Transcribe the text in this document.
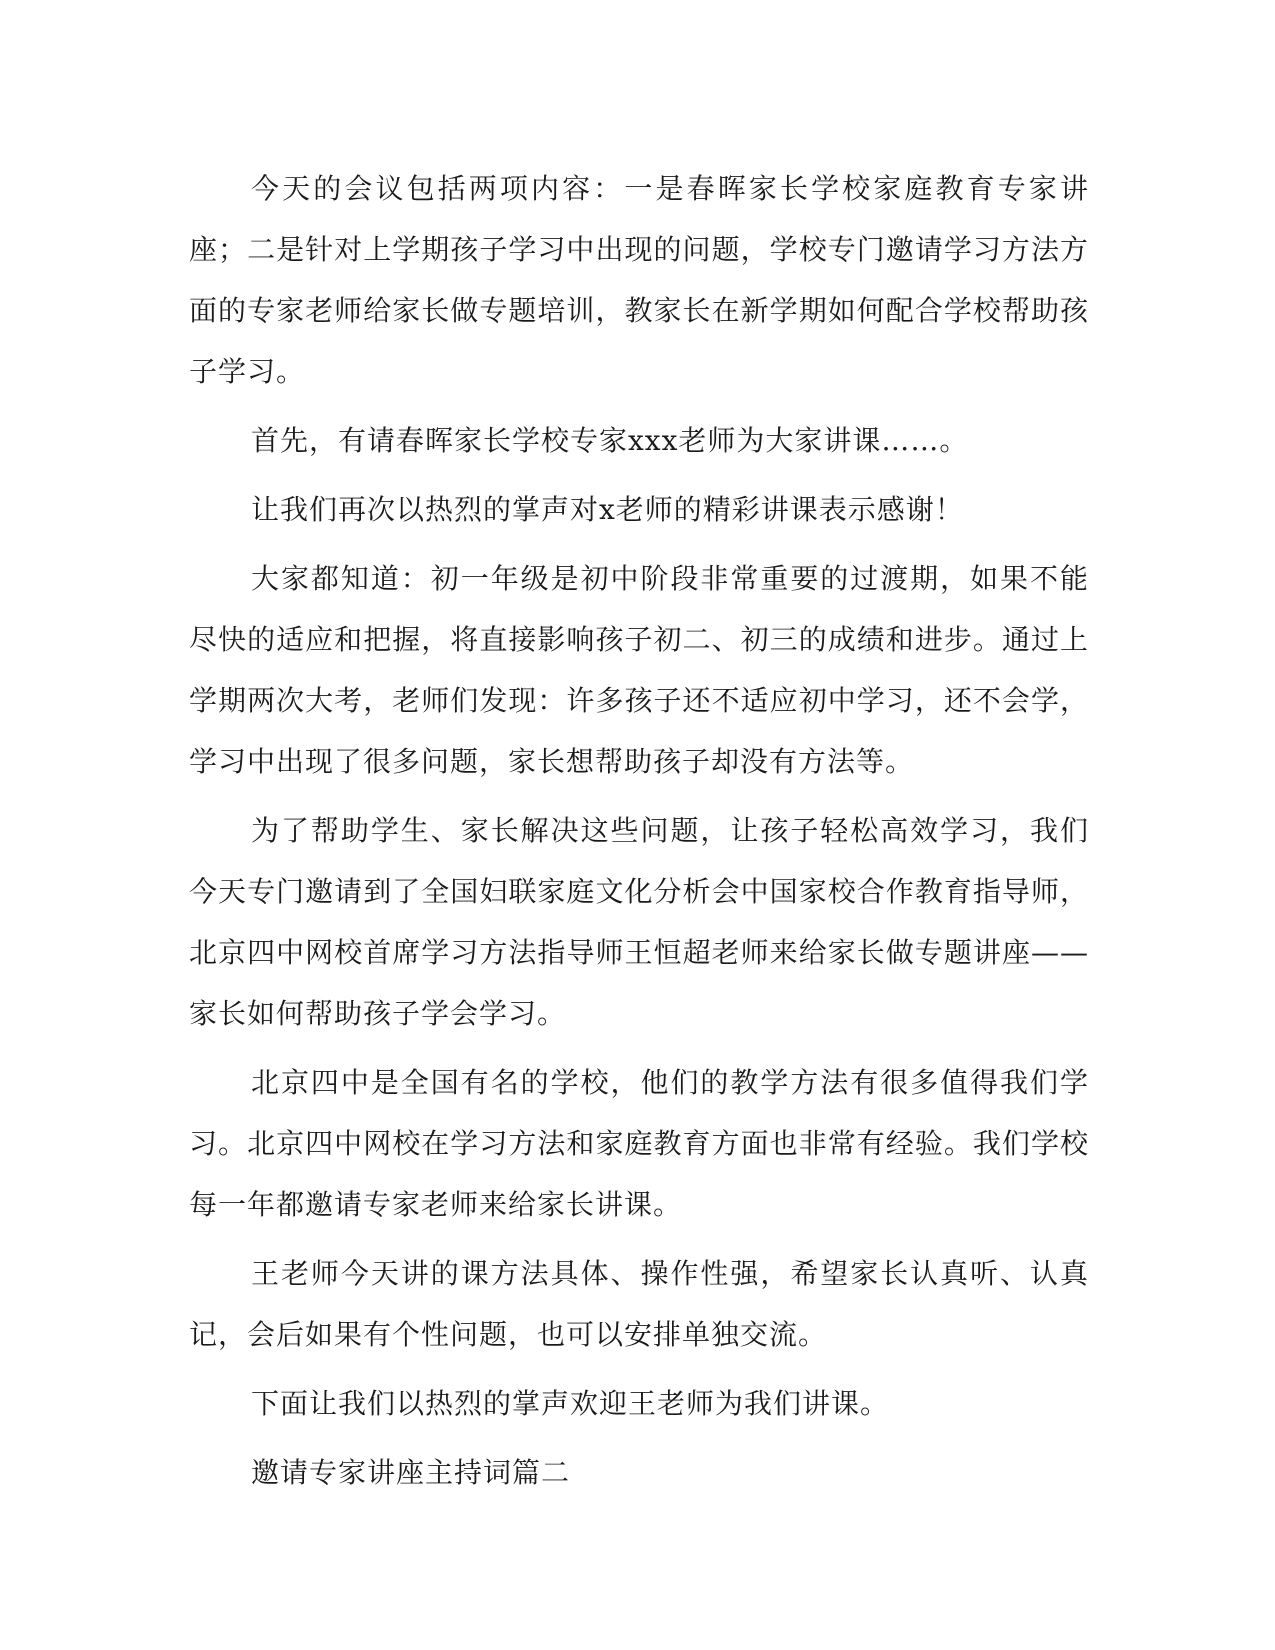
今天的会议包括两项内容：一是春晖家长学校家庭教育专家讲座；二是针对上学期孩子学习中出现的问题，学校专门邀请学习方法方面的专家老师给家长做专题培训，教家长在新学期如何配合学校帮助孩子学习。

首先，有请春晖家长学校专家xxx老师为大家讲课……。

让我们再次以热烈的掌声对x老师的精彩讲课表示感谢！

大家都知道：初一年级是初中阶段非常重要的过渡期，如果不能尽快的适应和把握，将直接影响孩子初二、初三的成绩和进步。通过上学期两次大考，老师们发现：许多孩子还不适应初中学习，还不会学，学习中出现了很多问题，家长想帮助孩子却没有方法等。

为了帮助学生、家长解决这些问题，让孩子轻松高效学习，我们今天专门邀请到了全国妇联家庭文化分析会中国家校合作教育指导师，北京四中网校首席学习方法指导师王恒超老师来给家长做专题讲座——家长如何帮助孩子学会学习。

北京四中是全国有名的学校，他们的教学方法有很多值得我们学习。北京四中网校在学习方法和家庭教育方面也非常有经验。我们学校每一年都邀请专家老师来给家长讲课。

王老师今天讲的课方法具体、操作性强，希望家长认真听、认真记，会后如果有个性问题，也可以安排单独交流。

下面让我们以热烈的掌声欢迎王老师为我们讲课。

邀请专家讲座主持词篇二
